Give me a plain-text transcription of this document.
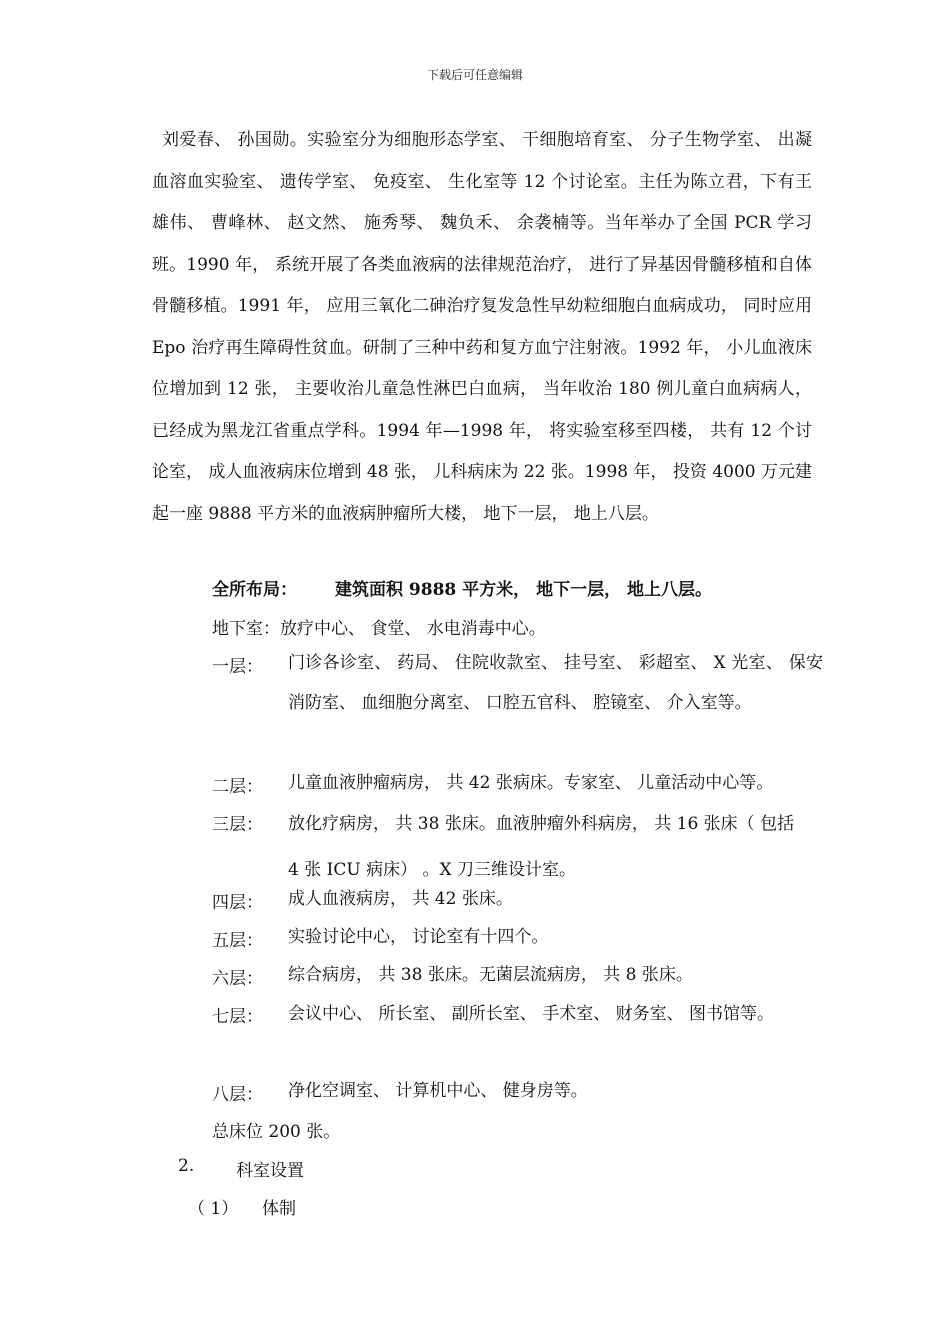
下载后可任意编辑

刘爱春、 孙国勋。实验室分为细胞形态学室、 干细胞培育室、 分子生物学室、 出凝血溶血实验室、 遗传学室、 免疫室、 生化室等 12 个讨论室。主任为陈立君，下有王雄伟、 曹峰林、 赵文然、 施秀琴、 魏负禾、 余袭楠等。当年举办了全国 PCR 学习班。1990 年， 系统开展了各类血液病的法律规范治疗， 进行了异基因骨髓移植和自体骨髓移植。1991 年， 应用三氧化二砷治疗复发急性早幼粒细胞白血病成功， 同时应用 Epo 治疗再生障碍性贫血。研制了三种中药和复方血宁注射液。1992 年， 小儿血液床位增加到 12 张， 主要收治儿童急性淋巴白血病， 当年收治 180 例儿童白血病病人， 已经成为黑龙江省重点学科。1994 年—1998 年， 将实验室移至四楼， 共有 12 个讨论室， 成人血液病床位增到 48 张， 儿科病床为 22 张。1998 年， 投资 4000 万元建起一座 9888 平方米的血液病肿瘤所大楼， 地下一层， 地上八层。

全所布局： 建筑面积 9888 平方米， 地下一层， 地上八层。
地下室：放疗中心、 食堂、 水电消毒中心。
一层： 门诊各诊室、 药局、 住院收款室、 挂号室、 彩超室、 X 光室、 保安消防室、 血细胞分离室、 口腔五官科、 腔镜室、 介入室等。
二层： 儿童血液肿瘤病房， 共 42 张病床。专家室、 儿童活动中心等。
三层： 放化疗病房， 共 38 张床。血液肿瘤外科病房， 共 16 张床（ 包括 4 张 ICU 病床） 。X 刀三维设计室。
四层： 成人血液病房， 共 42 张床。
五层： 实验讨论中心， 讨论室有十四个。
六层： 综合病房， 共 38 张床。无菌层流病房， 共 8 张床。
七层： 会议中心、 所长室、 副所长室、 手术室、 财务室、 图书馆等。
八层： 净化空调室、 计算机中心、 健身房等。
总床位 200 张。
2. 科室设置
（ 1） 体制
